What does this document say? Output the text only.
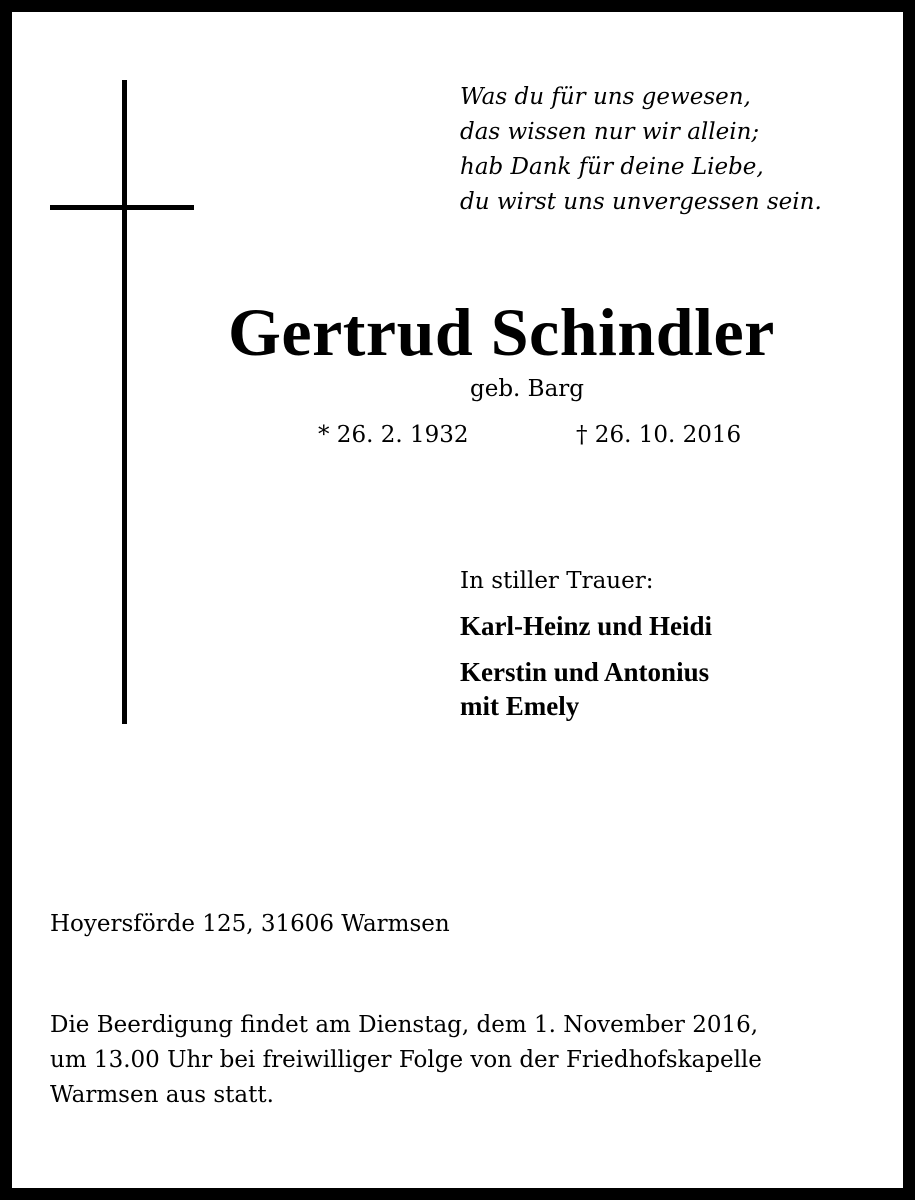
Was du für uns gewesen,
das wissen nur wir allein;
hab Dank für deine Liebe,
du wirst uns unvergessen sein.
Gertrud Schindler
geb. Barg
* 26. 2. 1932	† 26. 10. 2016
In stiller Trauer:
Karl-Heinz und Heidi
Kerstin und Antonius
mit Emely
Hoyersförde 125, 31606 Warmsen
Die Beerdigung findet am Dienstag, dem 1. November 2016,
um 13.00 Uhr bei freiwilliger Folge von der Friedhofskapelle
Warmsen aus statt.
